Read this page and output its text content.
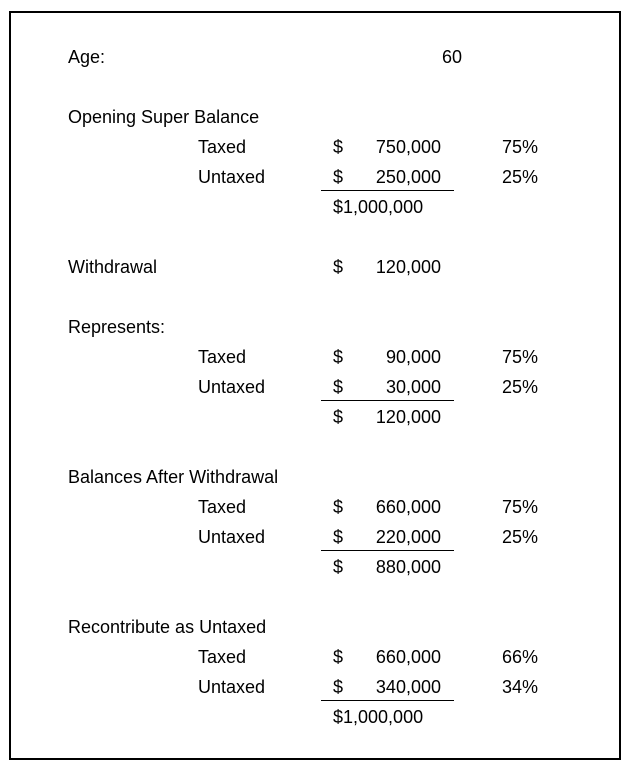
Age:	60
Opening Super Balance
Taxed	$ 750,000	75%
Untaxed	$ 250,000	25%
$1,000,000
Withdrawal	$ 120,000
Represents:
Taxed	$ 90,000	75%
Untaxed	$ 30,000	25%
$ 120,000
Balances After Withdrawal
Taxed	$ 660,000	75%
Untaxed	$ 220,000	25%
$ 880,000
Recontribute as Untaxed
Taxed	$ 660,000	66%
Untaxed	$ 340,000	34%
$1,000,000
